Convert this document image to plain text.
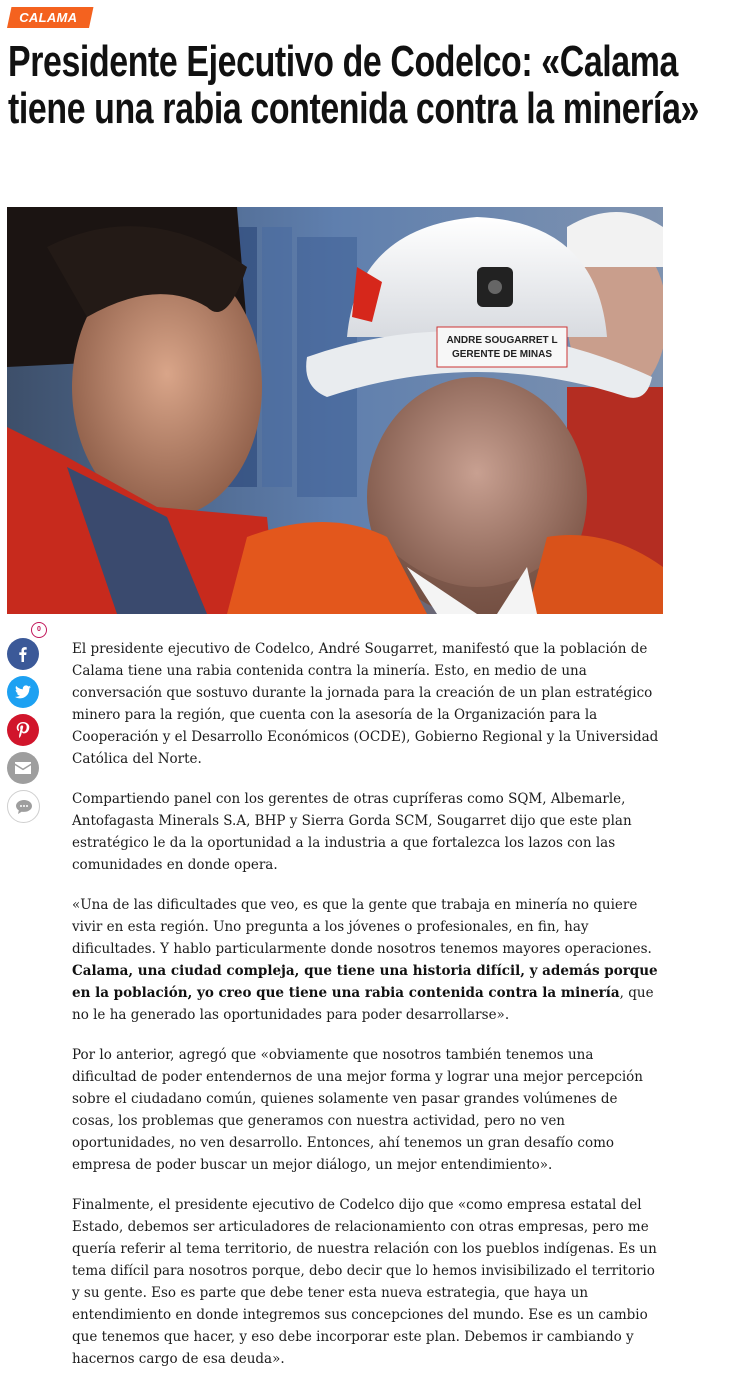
CALAMA
Presidente Ejecutivo de Codelco: «Calama tiene una rabia contenida contra la minería»
ANDRE SOUGARRET L
GERENTE DE MINAS
0

El presidente ejecutivo de Codelco, André Sougarret, manifestó que la población de Calama tiene una rabia contenida contra la minería. Esto, en medio de una conversación que sostuvo durante la jornada para la creación de un plan estratégico minero para la región, que cuenta con la asesoría de la Organización para la Cooperación y el Desarrollo Económicos (OCDE), Gobierno Regional y la Universidad Católica del Norte.

Compartiendo panel con los gerentes de otras cupríferas como SQM, Albemarle, Antofagasta Minerals S.A, BHP y Sierra Gorda SCM, Sougarret dijo que este plan estratégico le da la oportunidad a la industria a que fortalezca los lazos con las comunidades en donde opera.

«Una de las dificultades que veo, es que la gente que trabaja en minería no quiere vivir en esta región. Uno pregunta a los jóvenes o profesionales, en fin, hay dificultades. Y hablo particularmente donde nosotros tenemos mayores operaciones. Calama, una ciudad compleja, que tiene una historia difícil, y además porque en la población, yo creo que tiene una rabia contenida contra la minería, que no le ha generado las oportunidades para poder desarrollarse».

Por lo anterior, agregó que «obviamente que nosotros también tenemos una dificultad de poder entendernos de una mejor forma y lograr una mejor percepción sobre el ciudadano común, quienes solamente ven pasar grandes volúmenes de cosas, los problemas que generamos con nuestra actividad, pero no ven oportunidades, no ven desarrollo. Entonces, ahí tenemos un gran desafío como empresa de poder buscar un mejor diálogo, un mejor entendimiento».

Finalmente, el presidente ejecutivo de Codelco dijo que «como empresa estatal del Estado, debemos ser articuladores de relacionamiento con otras empresas, pero me quería referir al tema territorio, de nuestra relación con los pueblos indígenas. Es un tema difícil para nosotros porque, debo decir que lo hemos invisibilizado el territorio y su gente. Eso es parte que debe tener esta nueva estrategia, que haya un entendimiento en donde integremos sus concepciones del mundo. Ese es un cambio que tenemos que hacer, y eso debe incorporar este plan. Debemos ir cambiando y hacernos cargo de esa deuda».
